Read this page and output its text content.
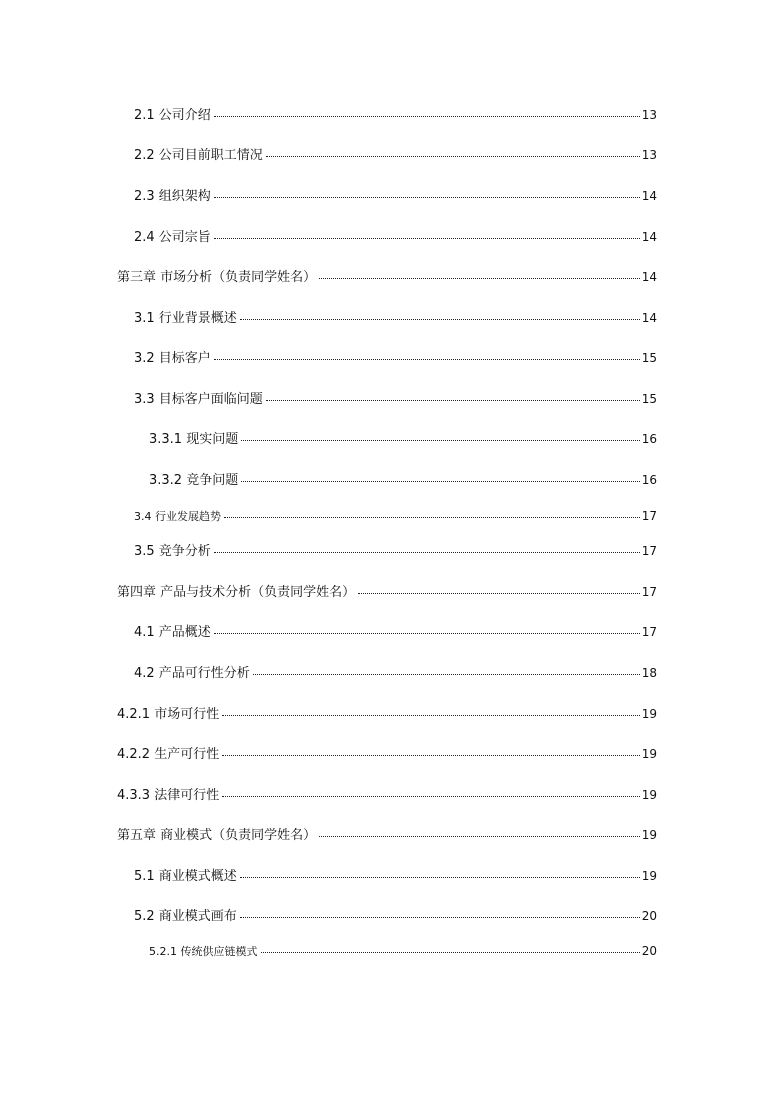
2.1 公司介绍	13
2.2 公司目前职工情况	13
2.3 组织架构	14
2.4 公司宗旨	14
第三章 市场分析（负责同学姓名）	14
3.1 行业背景概述	14
3.2 目标客户	15
3.3 目标客户面临问题	15
3.3.1 现实问题	16
3.3.2 竞争问题	16
3.4 行业发展趋势	17
3.5 竞争分析	17
第四章 产品与技术分析（负责同学姓名）	17
4.1 产品概述	17
4.2 产品可行性分析	18
4.2.1 市场可行性	19
4.2.2 生产可行性	19
4.3.3 法律可行性	19
第五章 商业模式（负责同学姓名）	19
5.1 商业模式概述	19
5.2 商业模式画布	20
5.2.1 传统供应链模式	20
